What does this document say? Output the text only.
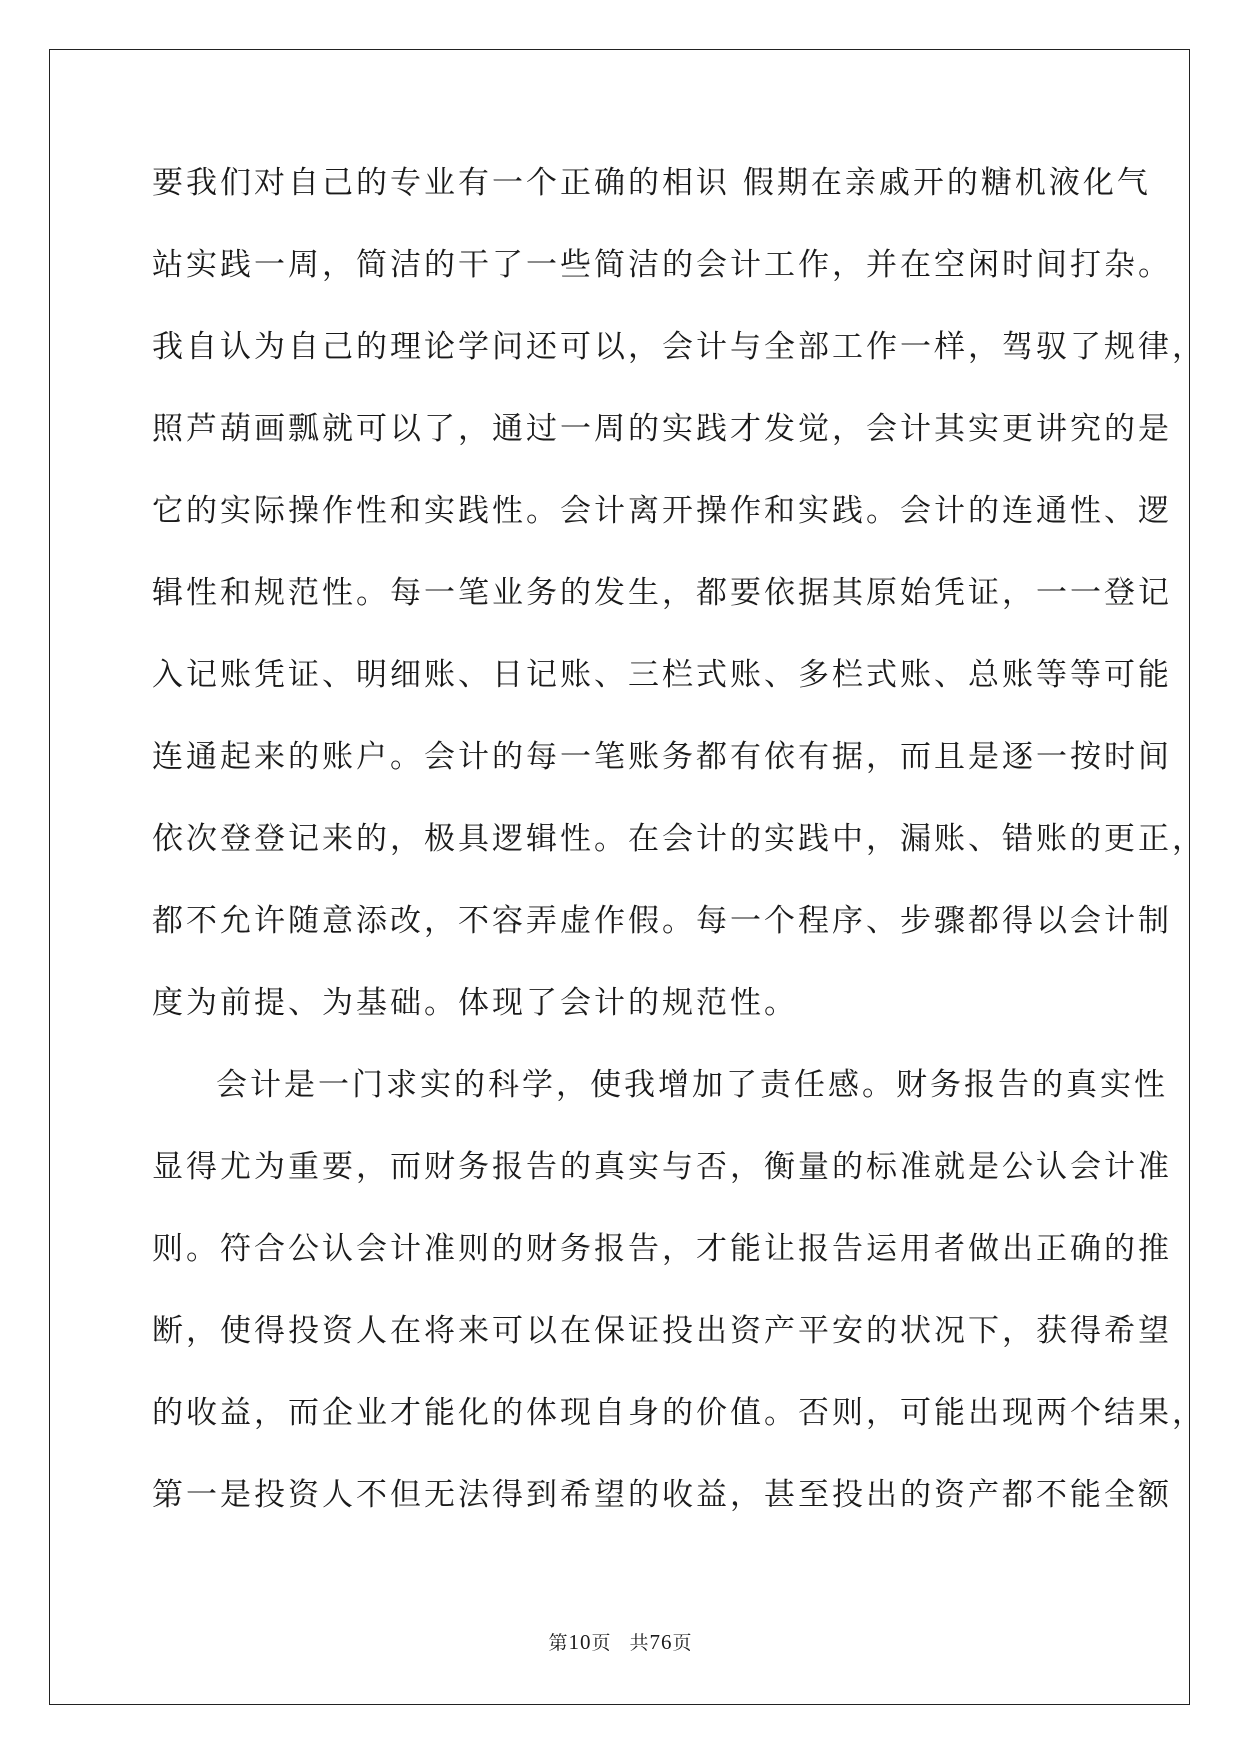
要我们对自己的专业有一个正确的相识 假期在亲戚开的糖机液化气
站实践一周，简洁的干了一些简洁的会计工作，并在空闲时间打杂。
我自认为自己的理论学问还可以，会计与全部工作一样，驾驭了规律，
照芦葫画瓢就可以了，通过一周的实践才发觉，会计其实更讲究的是
它的实际操作性和实践性。会计离开操作和实践。会计的连通性、逻
辑性和规范性。每一笔业务的发生，都要依据其原始凭证，一一登记
入记账凭证、明细账、日记账、三栏式账、多栏式账、总账等等可能
连通起来的账户。会计的每一笔账务都有依有据，而且是逐一按时间
依次登登记来的，极具逻辑性。在会计的实践中，漏账、错账的更正，
都不允许随意添改，不容弄虚作假。每一个程序、步骤都得以会计制
度为前提、为基础。体现了会计的规范性。
会计是一门求实的科学，使我增加了责任感。财务报告的真实性
显得尤为重要，而财务报告的真实与否，衡量的标准就是公认会计准
则。符合公认会计准则的财务报告，才能让报告运用者做出正确的推
断，使得投资人在将来可以在保证投出资产平安的状况下，获得希望
的收益，而企业才能化的体现自身的价值。否则，可能出现两个结果，
第一是投资人不但无法得到希望的收益，甚至投出的资产都不能全额
第10页 共76页
